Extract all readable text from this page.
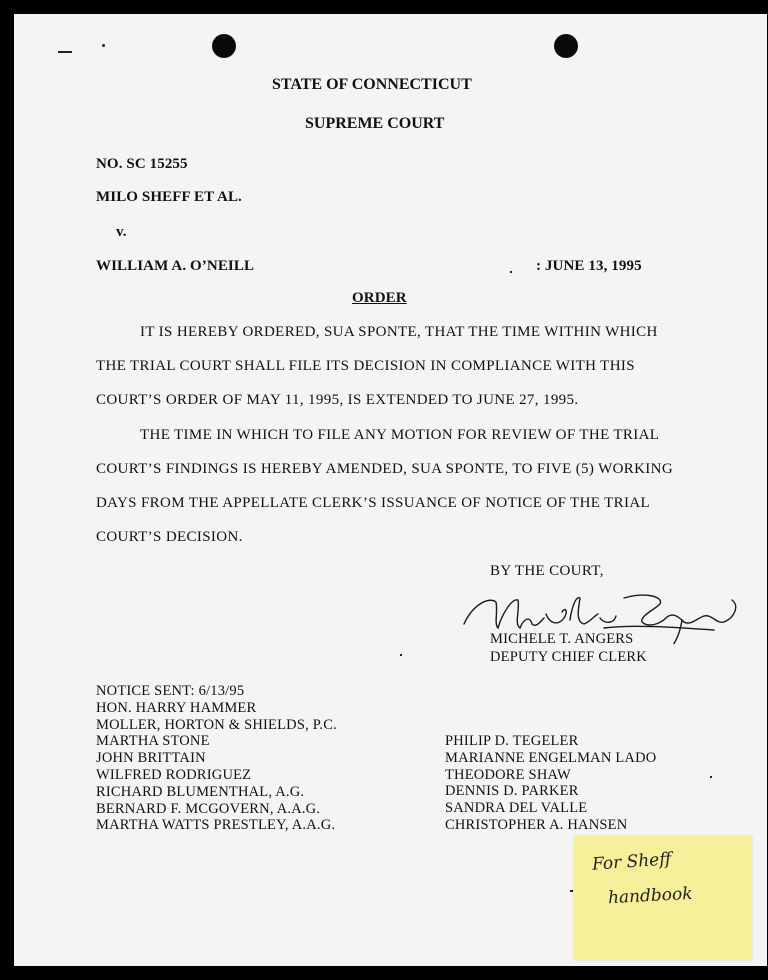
STATE OF CONNECTICUT
SUPREME COURT
NO. SC 15255
MILO SHEFF ET AL.
v.
WILLIAM A. O’NEILL	: JUNE 13, 1995
ORDER
IT IS HEREBY ORDERED, SUA SPONTE, THAT THE TIME WITHIN WHICH
THE TRIAL COURT SHALL FILE ITS DECISION IN COMPLIANCE WITH THIS
COURT’S ORDER OF MAY 11, 1995, IS EXTENDED TO JUNE 27, 1995.
THE TIME IN WHICH TO FILE ANY MOTION FOR REVIEW OF THE TRIAL
COURT’S FINDINGS IS HEREBY AMENDED, SUA SPONTE, TO FIVE (5) WORKING
DAYS FROM THE APPELLATE CLERK’S ISSUANCE OF NOTICE OF THE TRIAL
COURT’S DECISION.
BY THE COURT,
MICHELE T. ANGERS
DEPUTY CHIEF CLERK
NOTICE SENT: 6/13/95
HON. HARRY HAMMER
MOLLER, HORTON & SHIELDS, P.C.
MARTHA STONE
JOHN BRITTAIN
WILFRED RODRIGUEZ
RICHARD BLUMENTHAL, A.G.
BERNARD F. MCGOVERN, A.A.G.
MARTHA WATTS PRESTLEY, A.A.G.
PHILIP D. TEGELER
MARIANNE ENGELMAN LADO
THEODORE SHAW
DENNIS D. PARKER
SANDRA DEL VALLE
CHRISTOPHER A. HANSEN
For Sheff
handbook
